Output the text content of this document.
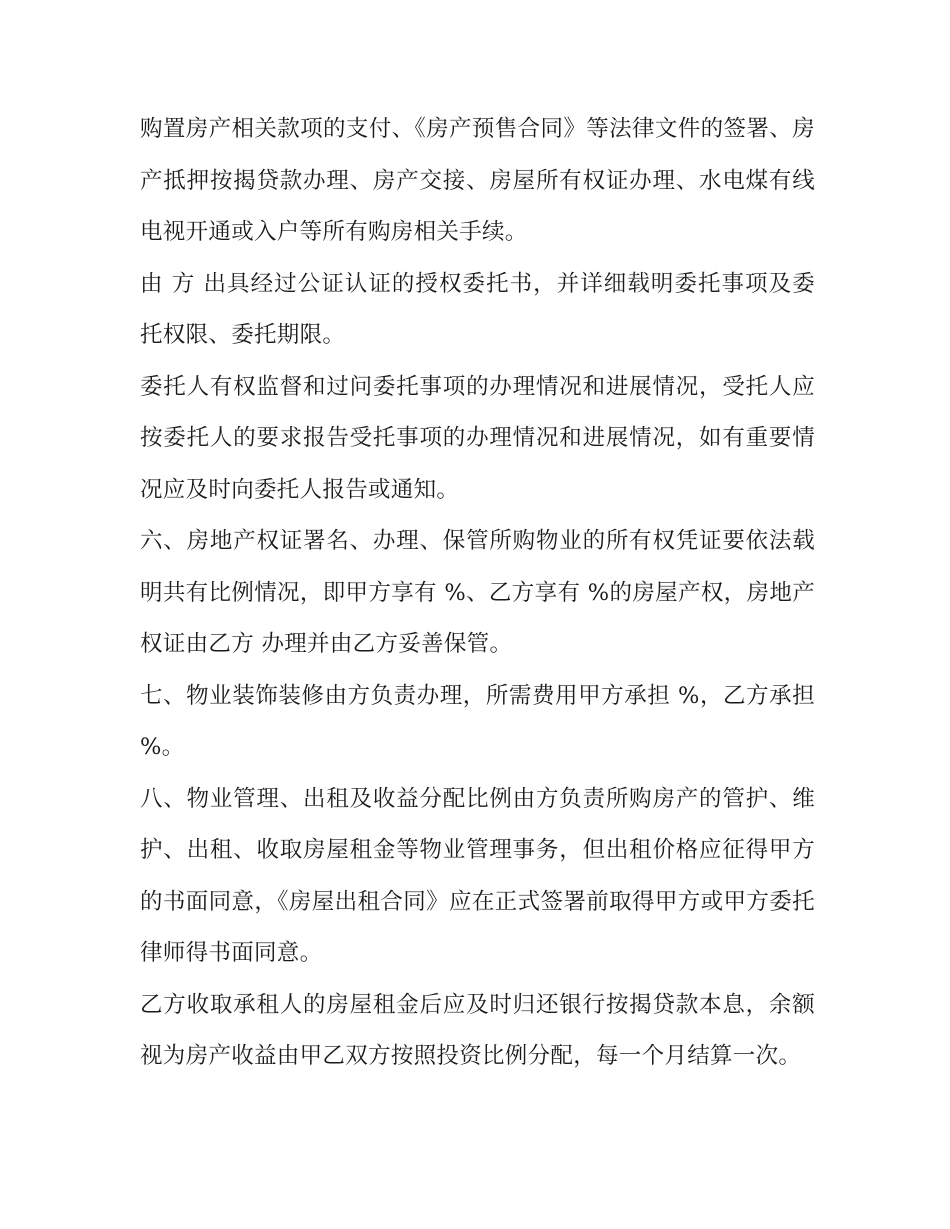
购置房产相关款项的支付、《房产预售合同》等法律文件的签署、房产抵押按揭贷款办理、房产交接、房屋所有权证办理、水电煤有线电视开通或入户等所有购房相关手续。

由 方 出具经过公证认证的授权委托书，并详细载明委托事项及委托权限、委托期限。

委托人有权监督和过问委托事项的办理情况和进展情况，受托人应按委托人的要求报告受托事项的办理情况和进展情况，如有重要情况应及时向委托人报告或通知。

六、房地产权证署名、办理、保管所购物业的所有权凭证要依法载明共有比例情况，即甲方享有 %、乙方享有 %的房屋产权，房地产权证由乙方 办理并由乙方妥善保管。

七、物业装饰装修由方负责办理，所需费用甲方承担 %，乙方承担 %。

八、物业管理、出租及收益分配比例由方负责所购房产的管护、维护、出租、收取房屋租金等物业管理事务，但出租价格应征得甲方的书面同意，《房屋出租合同》应在正式签署前取得甲方或甲方委托律师得书面同意。

乙方收取承租人的房屋租金后应及时归还银行按揭贷款本息，余额视为房产收益由甲乙双方按照投资比例分配，每一个月结算一次。
